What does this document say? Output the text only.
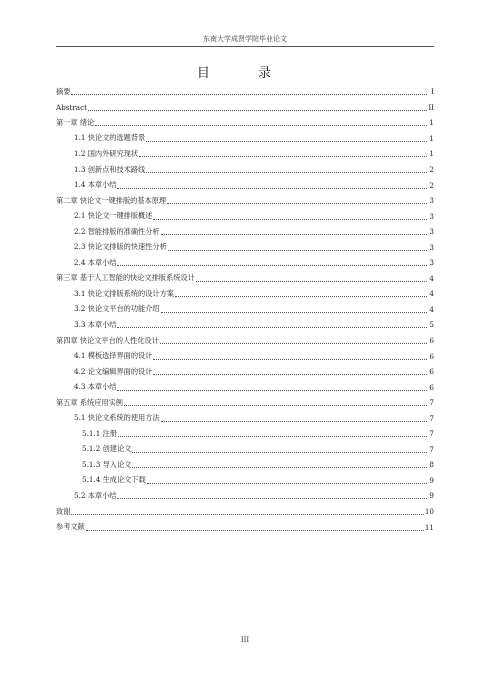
东南大学成贤学院毕业论文
目 录
摘要	I
Abstract	II
第一章 绪论	1
1.1 快论文的选题背景	1
1.2 国内外研究现状	1
1.3 创新点和技术路线	2
1.4 本章小结	2
第二章 快论文一键排版的基本原理	3
2.1 快论文一键排版概述	3
2.2 智能排版的准确性分析	3
2.3 快论文排版的快速性分析	3
2.4 本章小结	3
第三章 基于人工智能的快论文排版系统设计	4
3.1 快论文排版系统的设计方案	4
3.2 快论文平台的功能介绍	4
3.3 本章小结	5
第四章 快论文平台的人性化设计	6
4.1 模板选择界面的设计	6
4.2 论文编辑界面的设计	6
4.3 本章小结	6
第五章 系统应用实例	7
5.1 快论文系统的使用方法	7
5.1.1 注册	7
5.1.2 创建论文	7
5.1.3 导入论文	8
5.1.4 生成论文下载	9
5.2 本章小结	9
致谢	10
参考文献	11
III
